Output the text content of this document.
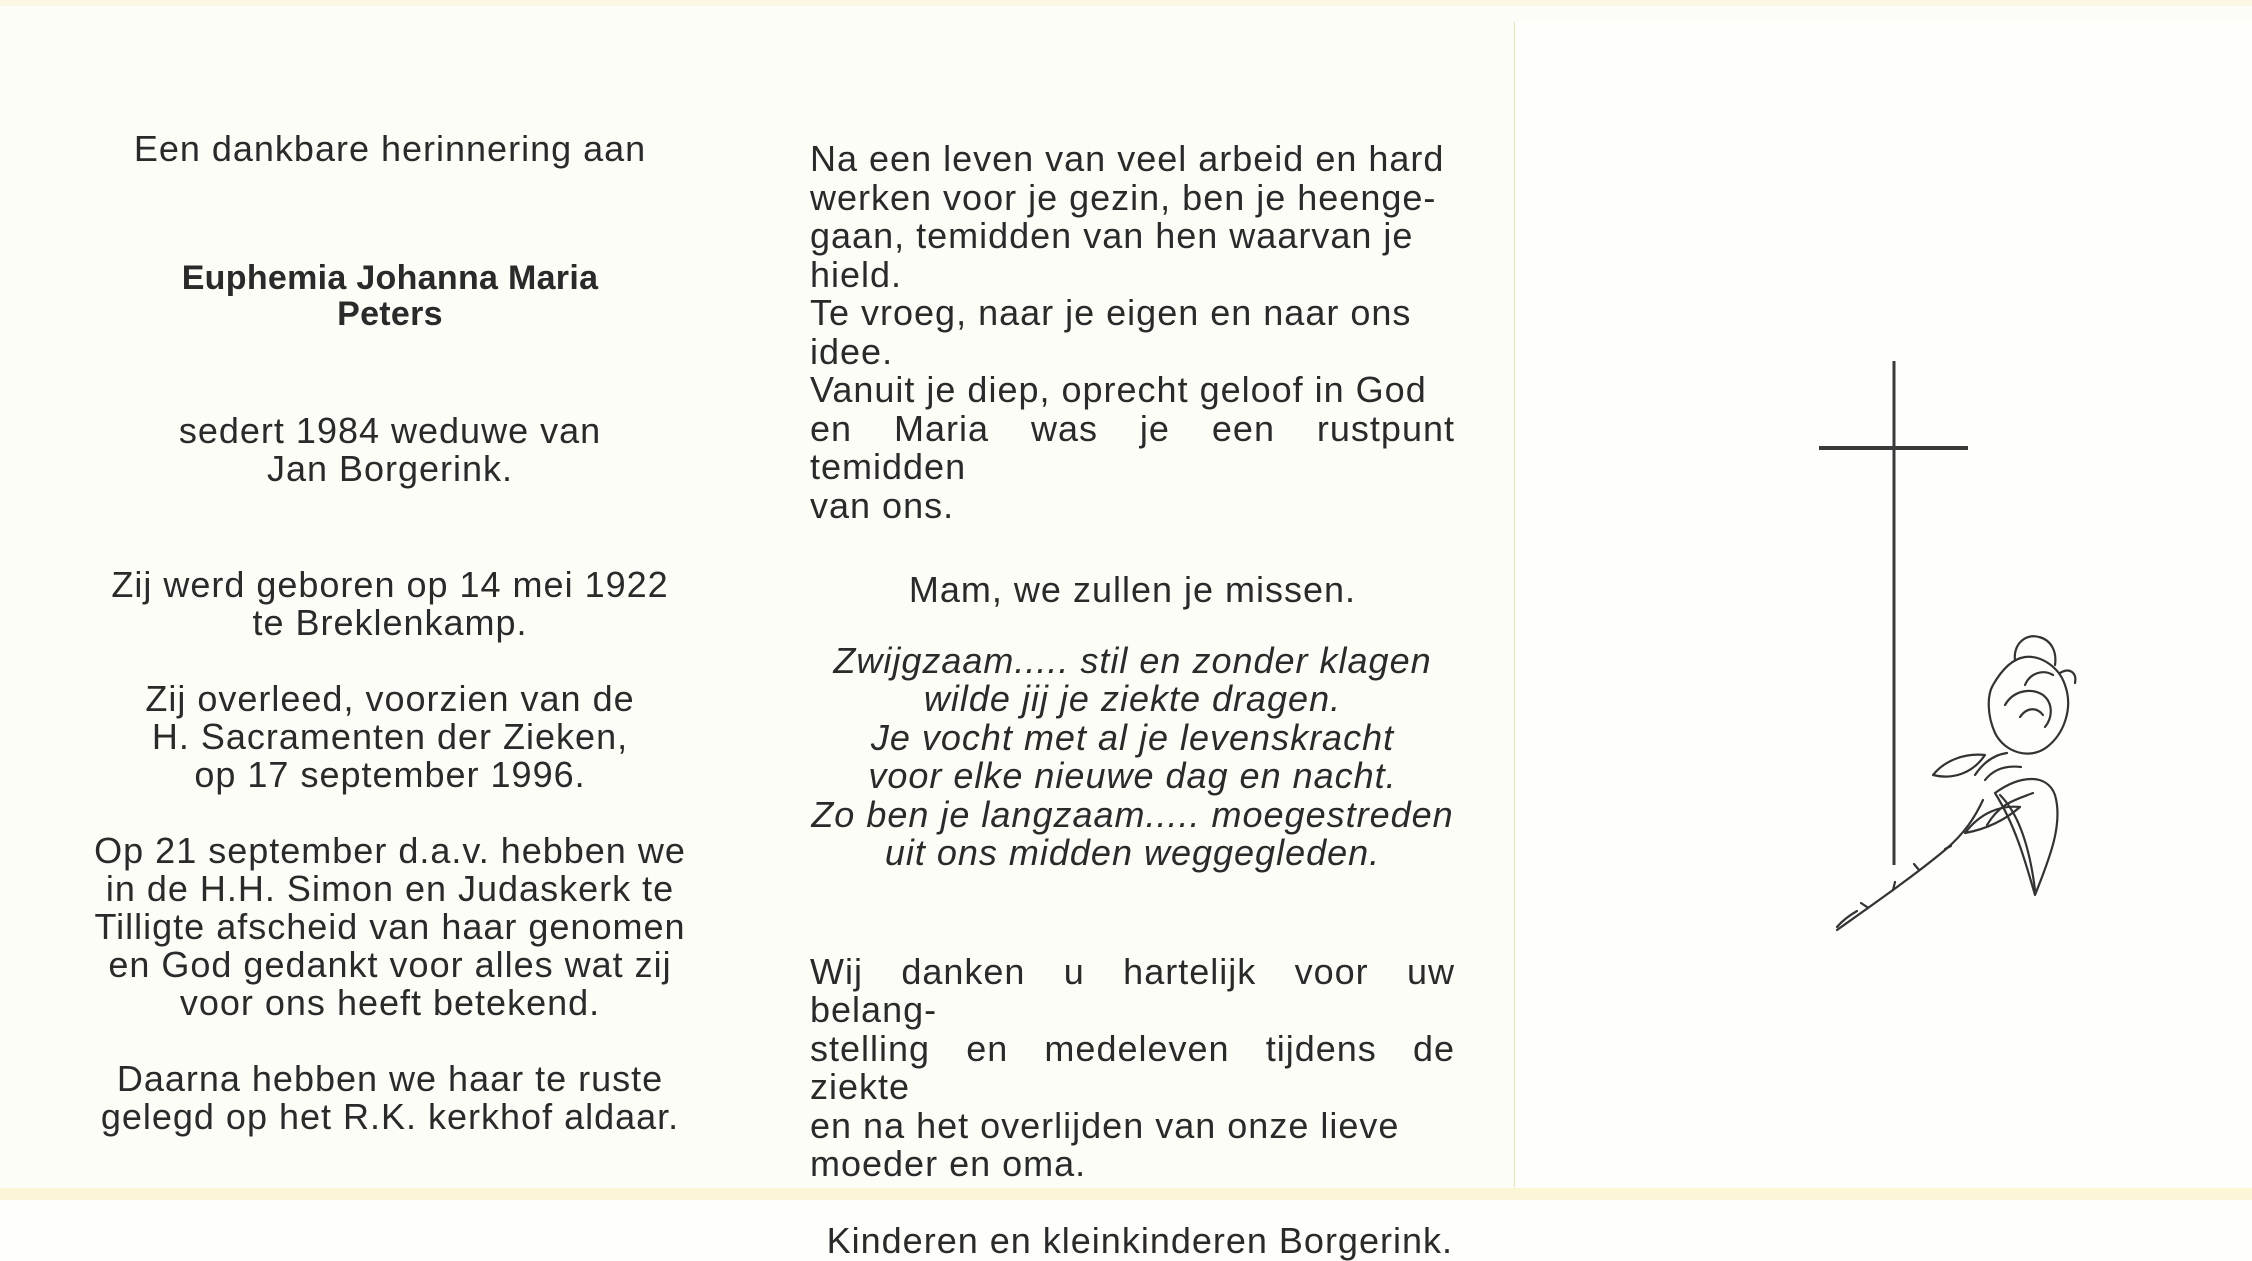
Een dankbare herinnering aan

Euphemia Johanna Maria

Peters

sedert 1984 weduwe van

Jan Borgerink.

Zij werd geboren op 14 mei 1922

te Breklenkamp.

Zij overleed, voorzien van de

H. Sacramenten der Zieken,

op 17 september 1996.

Op 21 september d.a.v. hebben we

in de H.H. Simon en Judaskerk te

Tilligte afscheid van haar genomen

en God gedankt voor alles wat zij

voor ons heeft betekend.

Daarna hebben we haar te ruste

gelegd op het R.K. kerkhof aldaar.

Na een leven van veel arbeid en hard

werken voor je gezin, ben je heenge-

gaan, temidden van hen waarvan je

hield.

Te vroeg, naar je eigen en naar ons

idee.

Vanuit je diep, oprecht geloof in God

en Maria was je een rustpunt temidden

van ons.

Mam, we zullen je missen.

Zwijgzaam..... stil en zonder klagen

wilde jij je ziekte dragen.

Je vocht met al je levenskracht

voor elke nieuwe dag en nacht.

Zo ben je langzaam..... moegestreden

uit ons midden weggegleden.

Wij danken u hartelijk voor uw belang-

stelling en medeleven tijdens de ziekte

en na het overlijden van onze lieve

moeder en oma.

Kinderen en kleinkinderen Borgerink.
